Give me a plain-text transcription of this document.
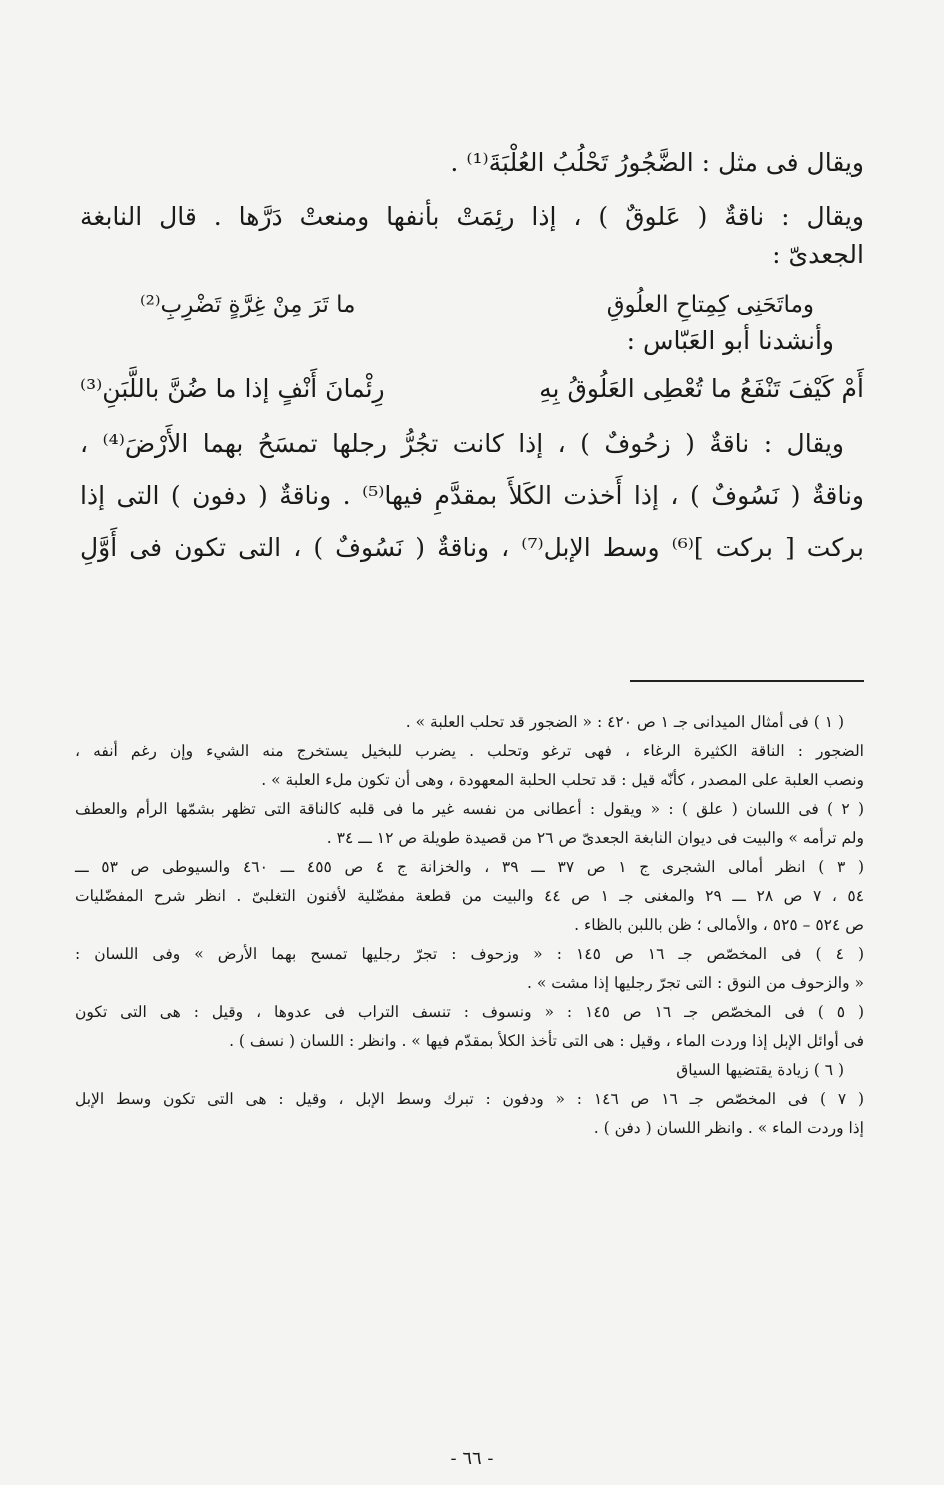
ويقال فى مثل : الضَّجُورُ تَحْلُبُ العُلْبَةَ⁽¹⁾ .

ويقال : ناقةٌ ( عَلوقٌ ) ، إذا رئِمَتْ بأنفها ومنعتْ دَرَّها . قال النابغة

الجعدىّ :

وماتَحَنِى كِمِتاحِ العلُوقِ
ما تَرَ مِنْ غِرَّةٍ تَضْرِبِ⁽²⁾

وأنشدنا أبو العَبّاس :

أَمْ كَيْفَ تَنْفَعُ ما تُعْطِى العَلُوقُ بِهِ
رِئْمانَ أَنْفٍ إذا ما ضُنَّ باللَّبَنِ⁽³⁾

ويقال : ناقةٌ ( زحُوفٌ ) ، إذا كانت تجُرُّ رجلها تمسَحُ بهما الأَرْضَ⁽⁴⁾ ،

وناقةٌ ( نَسُوفٌ ) ، إذا أَخذت الكَلأَ بمقدَّمِ فيها⁽⁵⁾ . وناقةٌ ( دفون ) التى إذا

بركت [ بركت ]⁽⁶⁾ وسط الإبل⁽⁷⁾ ، وناقةٌ ( نَسُوفٌ ) ، التى تكون فى أَوَّلِ

( ١ ) فى أمثال الميدانى جـ ١ ص ٤٢٠ : « الضجور قد تحلب العلبة » .

الضجور : الناقة الكثيرة الرغاء ، فهى ترغو وتحلب . يضرب للبخيل يستخرج منه الشيء وإن رغم أنفه ،

ونصب العلبة على المصدر ، كأنّه قيل : قد تحلب الحلبة المعهودة ، وهى أن تكون ملء العلبة » .

( ٢ ) فى اللسان ( علق ) : « ويقول : أعطانى من نفسه غير ما فى قلبه كالناقة التى تظهر بشمّها الرأم والعطف

ولم ترأمه » والبيت فى ديوان النابغة الجعدىّ ص ٢٦ من قصيدة طويلة ص ١٢ ـــ ٣٤ .

( ٣ ) انظر أمالى الشجرى ج ١ ص ٣٧ ـــ ٣٩ ، والخزانة ج ٤ ص ٤٥٥ ـــ ٤٦٠ والسيوطى ص ٥٣ ـــ

٥٤ ، ٧ ص ٢٨ ـــ ٢٩ والمغنى جـ ١ ص ٤٤ والبيت من قطعة مفضّلية لأفنون التغلبىّ . انظر شرح المفضّليات

ص ٥٢٤ – ٥٢٥ ، والأمالى ؛ ظن باللبن بالظاء .

( ٤ ) فى المخصّص جـ ١٦ ص ١٤٥ : « وزحوف : تجرّ رجليها تمسح بهما الأرض » وفى اللسان :

« والزحوف من النوق : التى تجرّ رجليها إذا مشت » .

( ٥ ) فى المخصّص جـ ١٦ ص ١٤٥ : « ونسوف : تنسف التراب فى عدوها ، وقيل : هى التى تكون

فى أوائل الإبل إذا وردت الماء ، وقيل : هى التى تأخذ الكلأ بمقدّم فيها » . وانظر : اللسان ( نسف ) .

( ٦ ) زيادة يقتضيها السياق

( ٧ ) فى المخصّص جـ ١٦ ص ١٤٦ : « ودفون : تبرك وسط الإبل ، وقيل : هى التى تكون وسط الإبل

إذا وردت الماء » . وانظر اللسان ( دفن ) .

- ٦٦ -
